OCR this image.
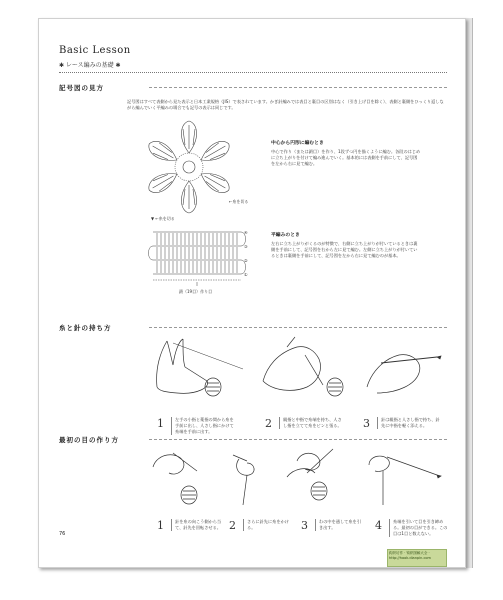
Basic Lesson
✱ レース編みの基礎 ✱
記号図の見方
記号図はすべて表側から見た表示と日本工業規格（JIS）で表されています。かぎ針編みでは表目と裏目の区別はなく（引き上げ目を除く）、表側と裏側をひっくり返しながら編んでいく平編みの場合でも記号の表示は同じです。
←糸を切る
中心から円形に編むとき
中心で作り（または鎖目）を作り、1段ずつ円を描くように編む。各段のはじめに立ち上がりを付けて編み進んでいく。基本的には表側を手前にして、記号図を左から右に見て編む。
▼ ←糸を切る
④
③
②
①
鎖（19目）作り目
平編みのとき
左右に立ち上がりがくるのが特徴で、右側に立ち上がりが付いているときは裏側を手前にして、記号図を右から左に見て編む。左側に立ち上がりが付いているときは裏側を手前にして、記号図を左から右に見て編むのが基本。
糸と針の持ち方
1	左手の小指と薬指の間から糸を手前に出し、人さし指にかけて糸端を手前に出す。
2	親指と中指で糸端を持ち、人さし指を立てて糸をピンと張る。	3	針は親指と人さし指で持ち、針先に中指を軽く添える。
最初の目の作り方
1	針を糸の向こう側から当て、針先を回転させる。 2	さらに針先に糸をかける。	3	わの中を通して糸を引き出す。	4	糸端を引いて目を引き締める。最初の目ができる。この目は1目と数えない。
76
鈎织坊作 · 钩织图解大全 · http://hook.dianpin.com
